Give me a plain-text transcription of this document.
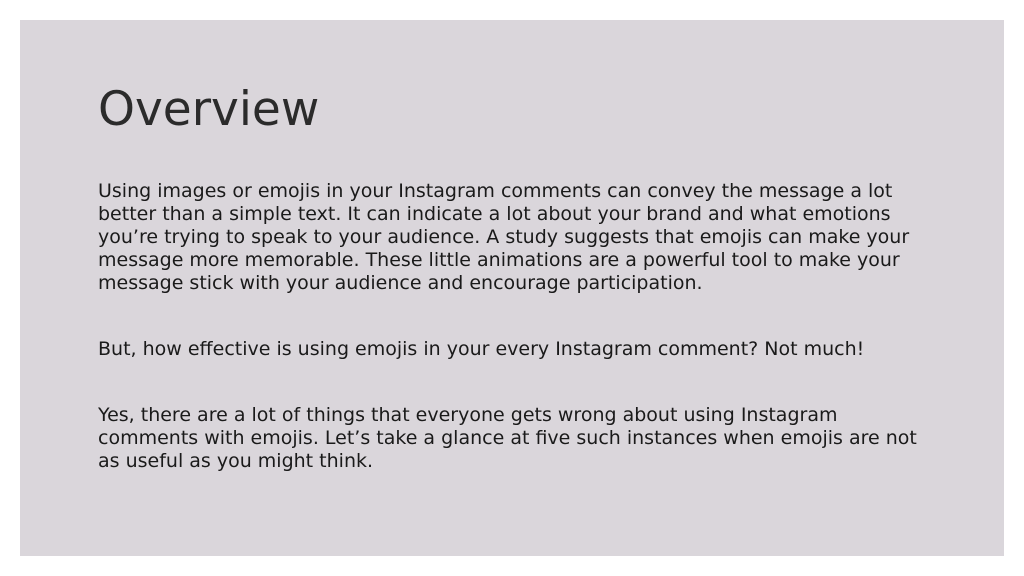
Overview

Using images or emojis in your Instagram comments can convey the message a lot better than a simple text. It can indicate a lot about your brand and what emotions you’re trying to speak to your audience. A study suggests that emojis can make your message more memorable. These little animations are a powerful tool to make your message stick with your audience and encourage participation.

But, how effective is using emojis in your every Instagram comment? Not much!

Yes, there are a lot of things that everyone gets wrong about using Instagram comments with emojis. Let’s take a glance at five such instances when emojis are not as useful as you might think.
